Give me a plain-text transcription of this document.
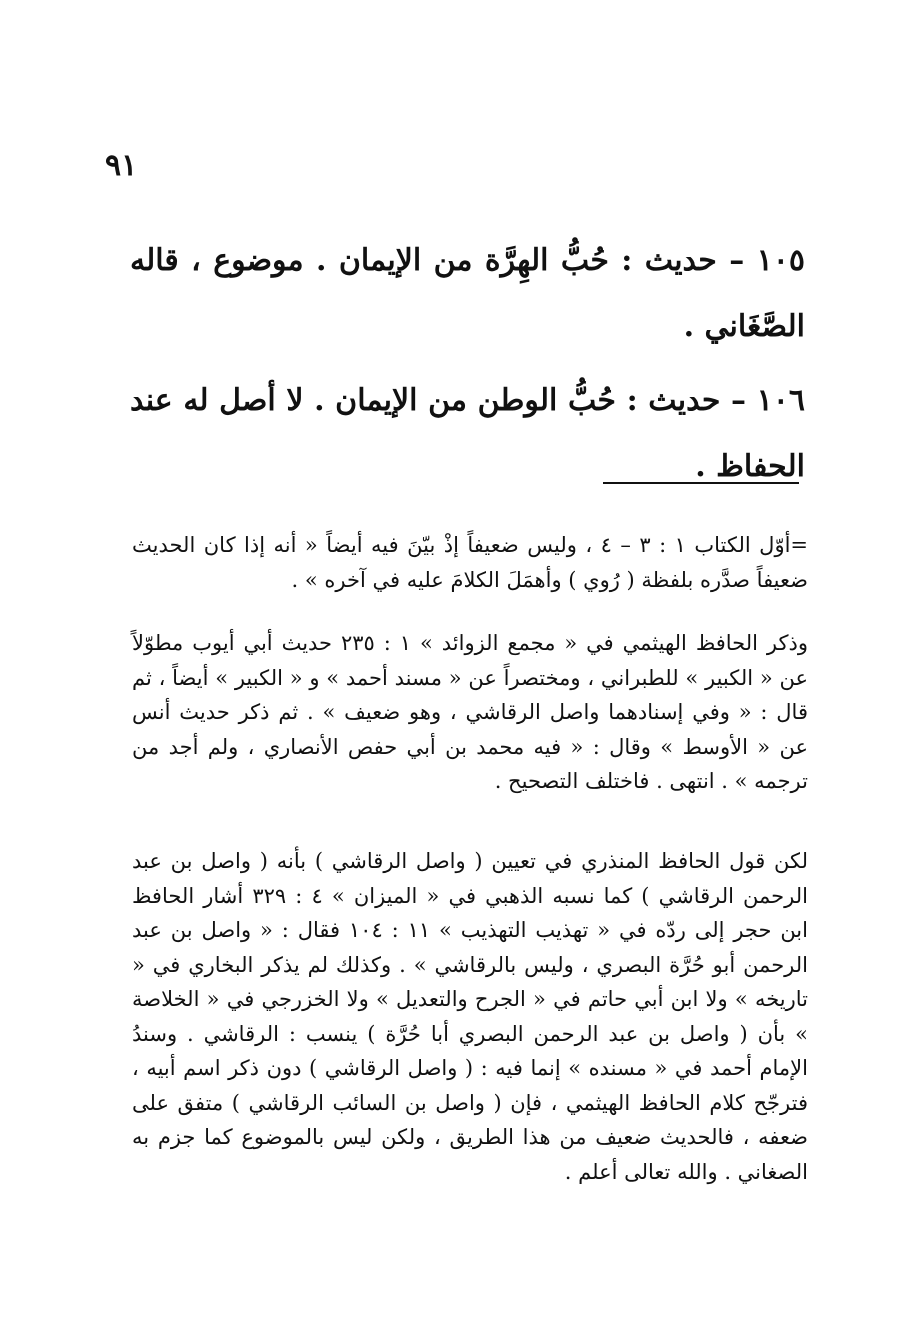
٩١

١٠٥ – حديث : حُبُّ الهِرَّة من الإيمان . موضوع ، قاله الصَّغَاني .

١٠٦ – حديث : حُبُّ الوطن من الإيمان . لا أصل له عند الحفاظ .

=أوّل الكتاب ١ : ٣ – ٤ ، وليس ضعيفاً إذْ بيّنَ فيه أيضاً « أنه إذا كان الحديث ضعيفاً صدَّره بلفظة ( رُوي ) وأهمَلَ الكلامَ عليه في آخره » .

وذكر الحافظ الهيثمي في « مجمع الزوائد » ١ : ٢٣٥ حديث أبي أيوب مطوّلاً عن « الكبير » للطبراني ، ومختصراً عن « مسند أحمد » و « الكبير » أيضاً ، ثم قال : « وفي إسنادهما واصل الرقاشي ، وهو ضعيف » . ثم ذكر حديث أنس عن « الأوسط » وقال : « فيه محمد بن أبي حفص الأنصاري ، ولم أجد من ترجمه » . انتهى . فاختلف التصحيح .

لكن قول الحافظ المنذري في تعيين ( واصل الرقاشي ) بأنه ( واصل بن عبد الرحمن الرقاشي ) كما نسبه الذهبي في « الميزان » ٤ : ٣٢٩ أشار الحافظ ابن حجر إلى ردّه في « تهذيب التهذيب » ١١ : ١٠٤ فقال : « واصل بن عبد الرحمن أبو حُرَّة البصري ، وليس بالرقاشي » . وكذلك لم يذكر البخاري في « تاريخه » ولا ابن أبي حاتم في « الجرح والتعديل » ولا الخزرجي في « الخلاصة » بأن ( واصل بن عبد الرحمن البصري أبا حُرَّة ) ينسب : الرقاشي . وسندُ الإمام أحمد في « مسنده » إنما فيه : ( واصل الرقاشي ) دون ذكر اسم أبيه ، فترجّح كلام الحافظ الهيثمي ، فإن ( واصل بن السائب الرقاشي ) متفق على ضعفه ، فالحديث ضعيف من هذا الطريق ، ولكن ليس بالموضوع كما جزم به الصغاني . والله تعالى أعلم .
